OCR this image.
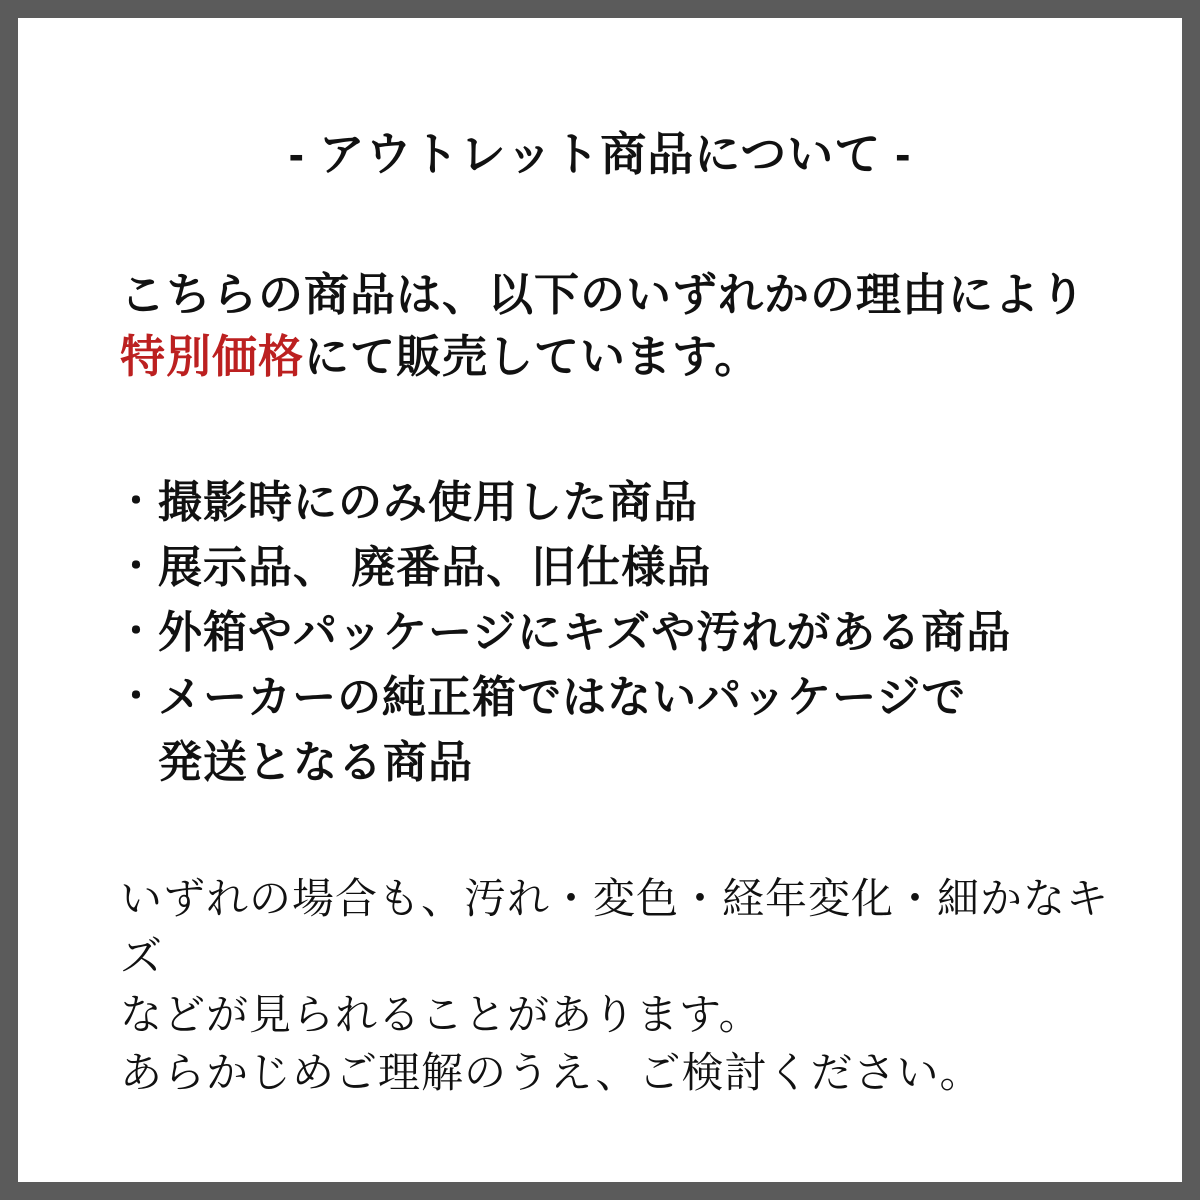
- アウトレット商品について -

こちらの商品は、以下のいずれかの理由により
特別価格にて販売しています。

・ 撮影時にのみ使用した商品
・ 展示品、 廃番品、旧仕様品
・ 外箱やパッケージにキズや汚れがある商品
・ メーカーの純正箱ではないパッケージで
発送となる商品

いずれの場合も、汚れ・変色・経年変化・細かなキズ
などが見られることがあります。
あらかじめご理解のうえ、ご検討ください。
